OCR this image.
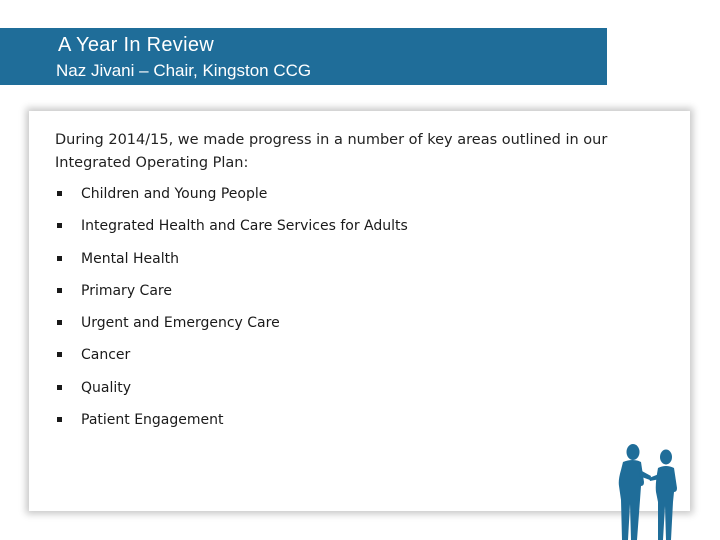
A Year In Review
Naz Jivani – Chair, Kingston CCG
During 2014/15, we made progress in a number of key areas outlined in our Integrated Operating Plan:
Children and Young People
Integrated Health and Care Services for Adults
Mental Health
Primary Care
Urgent and Emergency Care
Cancer
Quality
Patient Engagement
